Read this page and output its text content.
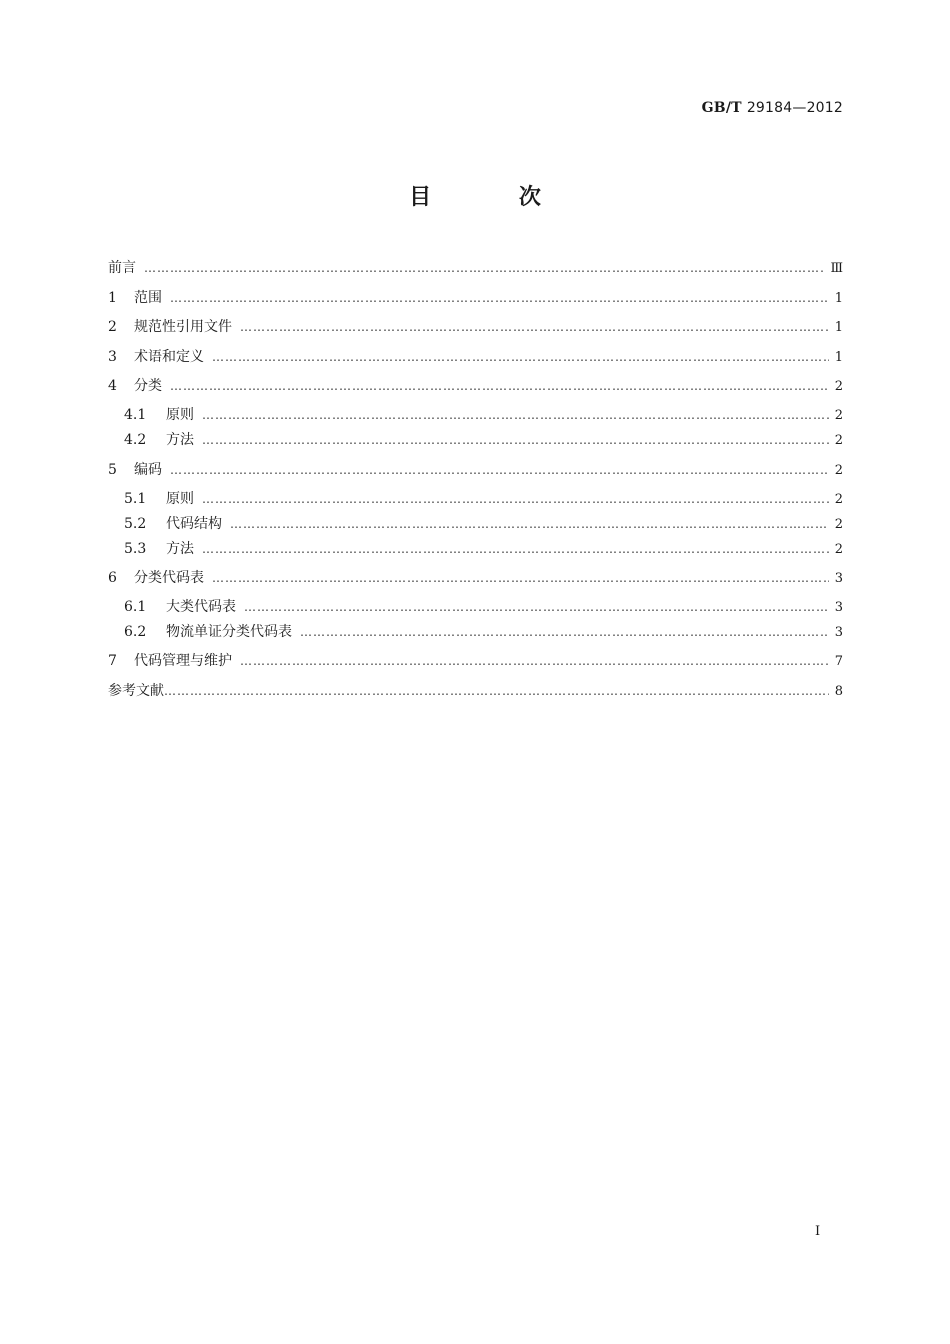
GB/T 29184—2012
目 次
前言 ……………………………………………………………………………………………………………………………………………………………………………………………………………………	Ⅲ
1	范围 ……………………………………………………………………………………………………………………………………………………………………………………………………………………	1
2	规范性引用文件 ……………………………………………………………………………………………………………………………………………………………………………………………………………………	1
3	术语和定义 ……………………………………………………………………………………………………………………………………………………………………………………………………………………	1
4	分类 ……………………………………………………………………………………………………………………………………………………………………………………………………………………	2
4.1	原则 ……………………………………………………………………………………………………………………………………………………………………………………………………………………	2
4.2	方法 ……………………………………………………………………………………………………………………………………………………………………………………………………………………	2
5	编码 ……………………………………………………………………………………………………………………………………………………………………………………………………………………	2
5.1	原则 ……………………………………………………………………………………………………………………………………………………………………………………………………………………	2
5.2	代码结构 ……………………………………………………………………………………………………………………………………………………………………………………………………………………	2
5.3	方法 ……………………………………………………………………………………………………………………………………………………………………………………………………………………	2
6	分类代码表 ……………………………………………………………………………………………………………………………………………………………………………………………………………………	3
6.1	大类代码表 ……………………………………………………………………………………………………………………………………………………………………………………………………………………	3
6.2	物流单证分类代码表 ……………………………………………………………………………………………………………………………………………………………………………………………………………………	3
7	代码管理与维护 ……………………………………………………………………………………………………………………………………………………………………………………………………………………	7
参考文献 ……………………………………………………………………………………………………………………………………………………………………………………………………………………	8
I
